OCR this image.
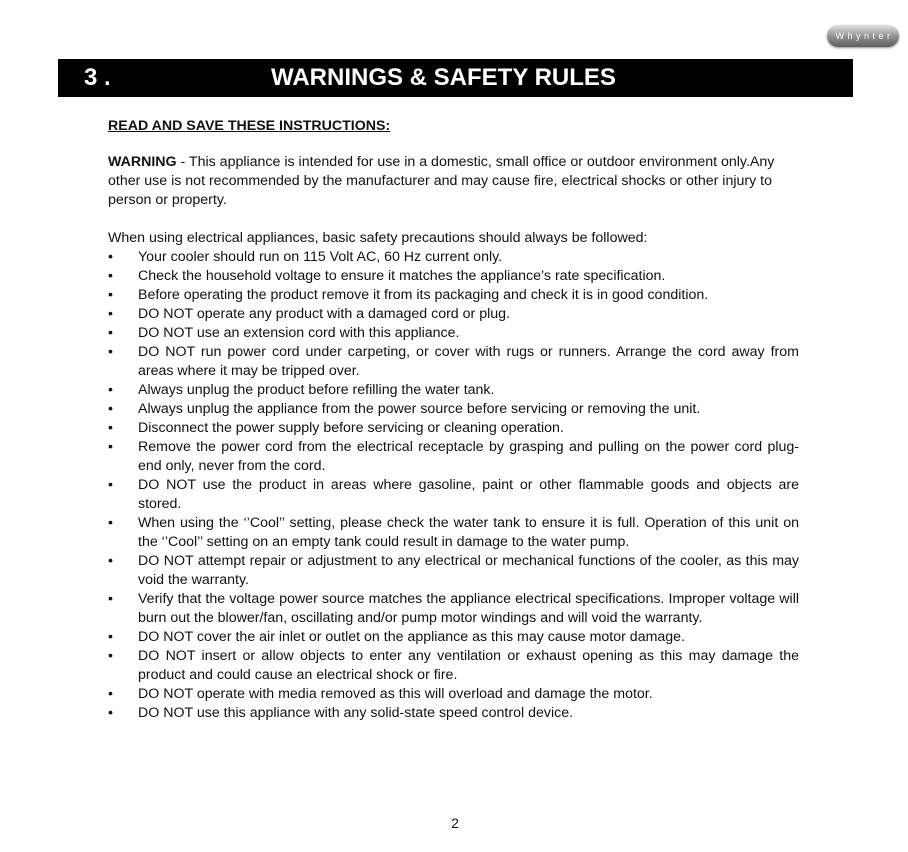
Whynter
3 .	WARNINGS & SAFETY RULES

READ AND SAVE THESE INSTRUCTIONS:

WARNING - This appliance is intended for use in a domestic, small office or outdoor environment only.Any other use is not recommended by the manufacturer and may cause fire, electrical shocks or other injury to person or property.

When using electrical appliances, basic safety precautions should always be followed:

•	Your cooler should run on 115 Volt AC, 60 Hz current only.
•	Check the household voltage to ensure it matches the appliance’s rate specification.
•	Before operating the product remove it from its packaging and check it is in good condition.
•	DO NOT operate any product with a damaged cord or plug.
•	DO NOT use an extension cord with this appliance.
•	DO NOT run power cord under carpeting, or cover with rugs or runners. Arrange the cord away from areas where it may be tripped over.
•	Always unplug the product before refilling the water tank.
•	Always unplug the appliance from the power source before servicing or removing the unit.
•	Disconnect the power supply before servicing or cleaning operation.
•	Remove the power cord from the electrical receptacle by grasping and pulling on the power cord plug-end only, never from the cord.
•	DO NOT use the product in areas where gasoline, paint or other flammable goods and objects are stored.
•	When using the ‘’Cool’’ setting, please check the water tank to ensure it is full. Operation of this unit on the ‘’Cool’’ setting on an empty tank could result in damage to the water pump.
•	DO NOT attempt repair or adjustment to any electrical or mechanical functions of the cooler, as this may void the warranty.
•	Verify that the voltage power source matches the appliance electrical specifications. Improper voltage will burn out the blower/fan, oscillating and/or pump motor windings and will void the warranty.
•	DO NOT cover the air inlet or outlet on the appliance as this may cause motor damage.
•	DO NOT insert or allow objects to enter any ventilation or exhaust opening as this may damage the product and could cause an electrical shock or fire.
•	DO NOT operate with media removed as this will overload and damage the motor.
•	DO NOT use this appliance with any solid-state speed control device.
2
